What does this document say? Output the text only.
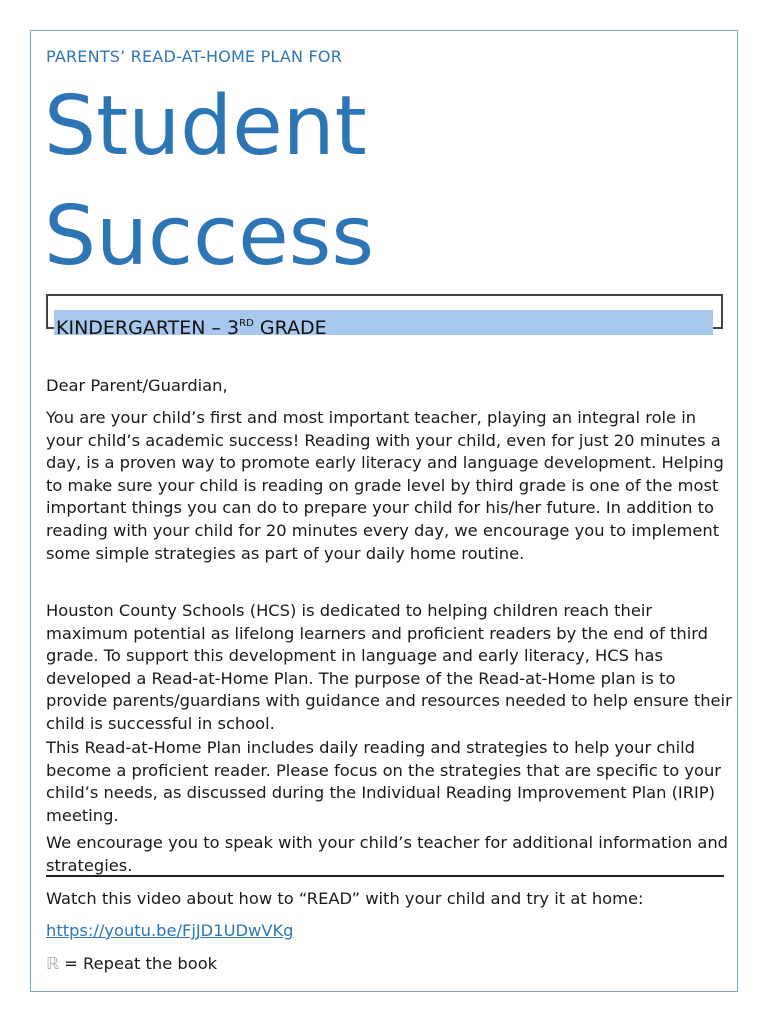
PARENTS’ READ-AT-HOME PLAN FOR
Student
Success
KINDERGARTEN – 3RD GRADE

Dear Parent/Guardian,

You are your child’s first and most important teacher, playing an integral role in your child’s academic success! Reading with your child, even for just 20 minutes a day, is a proven way to promote early literacy and language development. Helping to make sure your child is reading on grade level by third grade is one of the most important things you can do to prepare your child for his/her future. In addition to reading with your child for 20 minutes every day, we encourage you to implement some simple strategies as part of your daily home routine.

Houston County Schools (HCS) is dedicated to helping children reach their maximum potential as lifelong learners and proficient readers by the end of third grade. To support this development in language and early literacy, HCS has developed a Read-at-Home Plan. The purpose of the Read-at-Home plan is to provide parents/guardians with guidance and resources needed to help ensure their child is successful in school.

This Read-at-Home Plan includes daily reading and strategies to help your child become a proficient reader. Please focus on the strategies that are specific to your child’s needs, as discussed during the Individual Reading Improvement Plan (IRIP) meeting.

We encourage you to speak with your child’s teacher for additional information and strategies.

Watch this video about how to “READ” with your child and try it at home:

https://youtu.be/FjJD1UDwVKg
ℝ = Repeat the book
